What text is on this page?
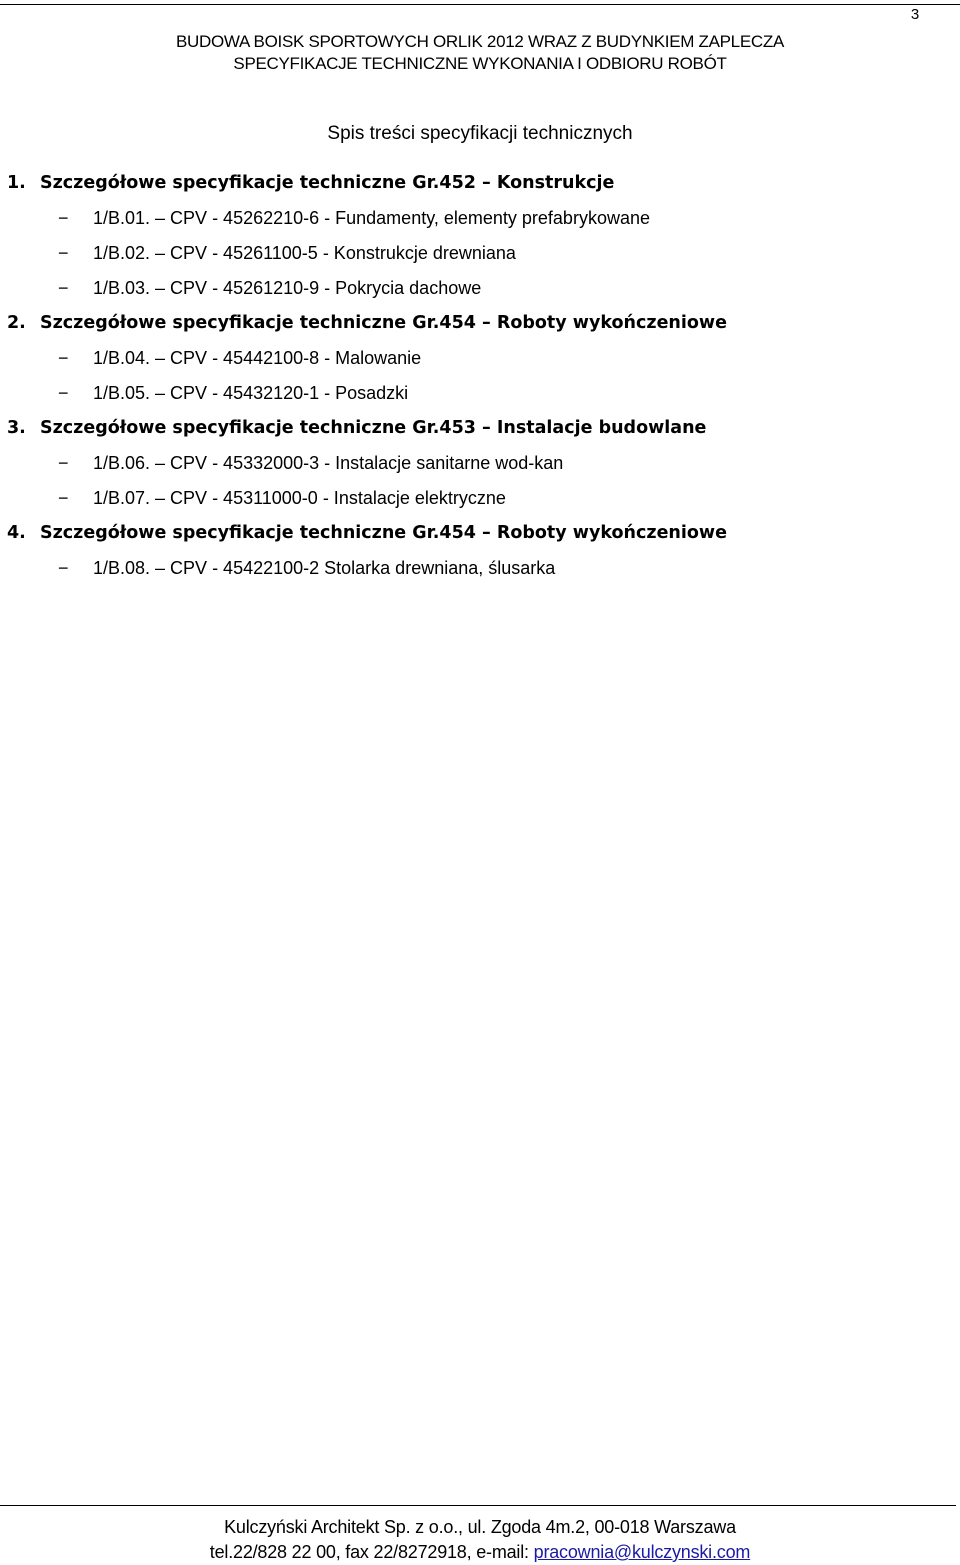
3
BUDOWA BOISK SPORTOWYCH ORLIK 2012 WRAZ Z BUDYNKIEM ZAPLECZA
SPECYFIKACJE TECHNICZNE WYKONANIA I ODBIORU ROBÓT
Spis treści specyfikacji technicznych
1. Szczegółowe specyfikacje techniczne Gr.452 – Konstrukcje
− 1/B.01. – CPV - 45262210-6 - Fundamenty, elementy prefabrykowane
− 1/B.02. – CPV - 45261100-5 - Konstrukcje drewniana
− 1/B.03. – CPV - 45261210-9 - Pokrycia dachowe
2. Szczegółowe specyfikacje techniczne Gr.454 – Roboty wykończeniowe
− 1/B.04. – CPV - 45442100-8 - Malowanie
− 1/B.05. – CPV - 45432120-1 - Posadzki
3. Szczegółowe specyfikacje techniczne Gr.453 – Instalacje budowlane
− 1/B.06. – CPV - 45332000-3 - Instalacje sanitarne wod-kan
− 1/B.07. – CPV - 45311000-0 - Instalacje elektryczne
4. Szczegółowe specyfikacje techniczne Gr.454 – Roboty wykończeniowe
− 1/B.08. – CPV - 45422100-2 Stolarka drewniana, ślusarka
Kulczyński Architekt Sp. z o.o., ul. Zgoda 4m.2, 00-018 Warszawa
tel.22/828 22 00, fax 22/8272918, e-mail: pracownia@kulczynski.com
